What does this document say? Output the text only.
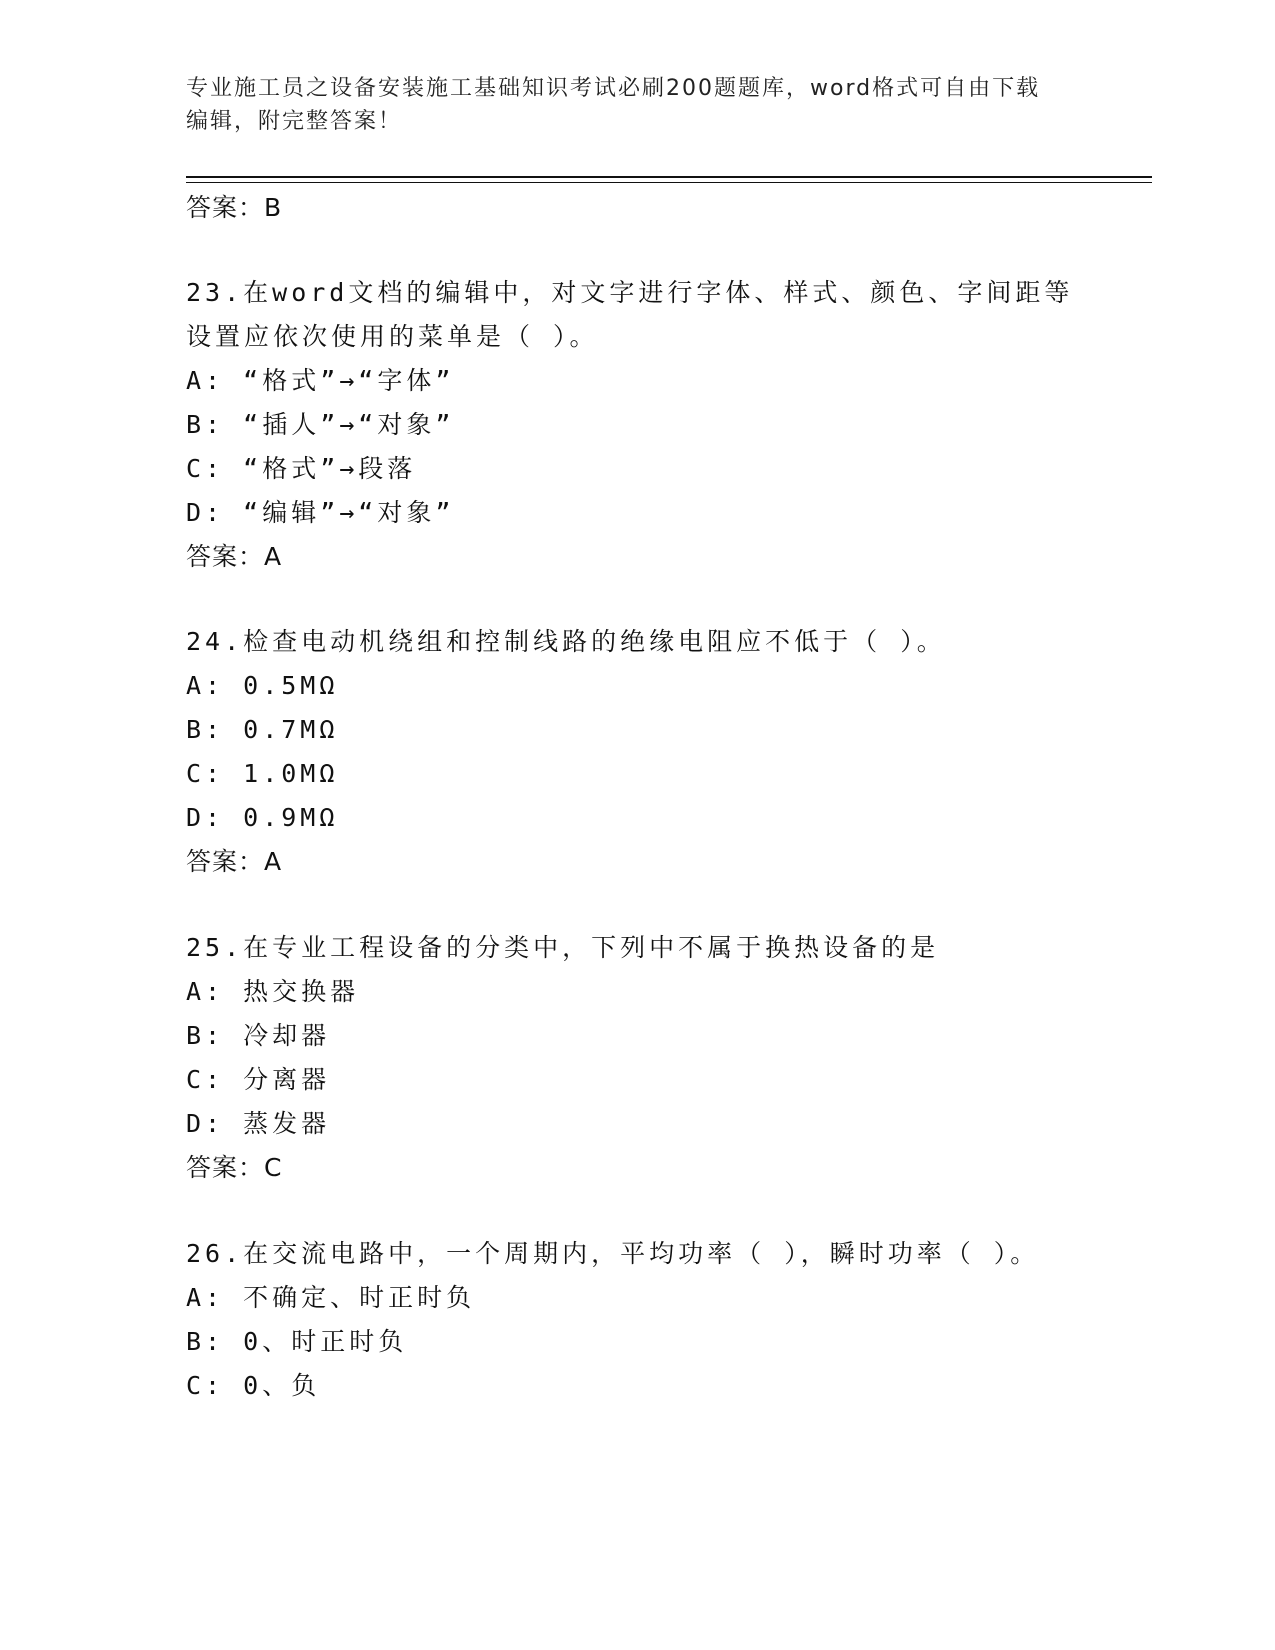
专业施工员之设备安装施工基础知识考试必刷200题题库，word格式可自由下载
编辑，附完整答案！
答案：B
23.在word文档的编辑中，对文字进行字体、样式、颜色、字间距等
设置应依次使用的菜单是（ ）。
A: “格式”→“字体”
B: “插人”→“对象”
C: “格式”→段落
D: “编辑”→“对象”
答案：A
24.检查电动机绕组和控制线路的绝缘电阻应不低于（ ）。
A: 0.5MΩ
B: 0.7MΩ
C: 1.0MΩ
D: 0.9MΩ
答案：A
25.在专业工程设备的分类中，下列中不属于换热设备的是
A: 热交换器
B: 冷却器
C: 分离器
D: 蒸发器
答案：C
26.在交流电路中，一个周期内，平均功率（ ），瞬时功率（ ）。
A: 不确定、时正时负
B: 0、时正时负
C: 0、负
